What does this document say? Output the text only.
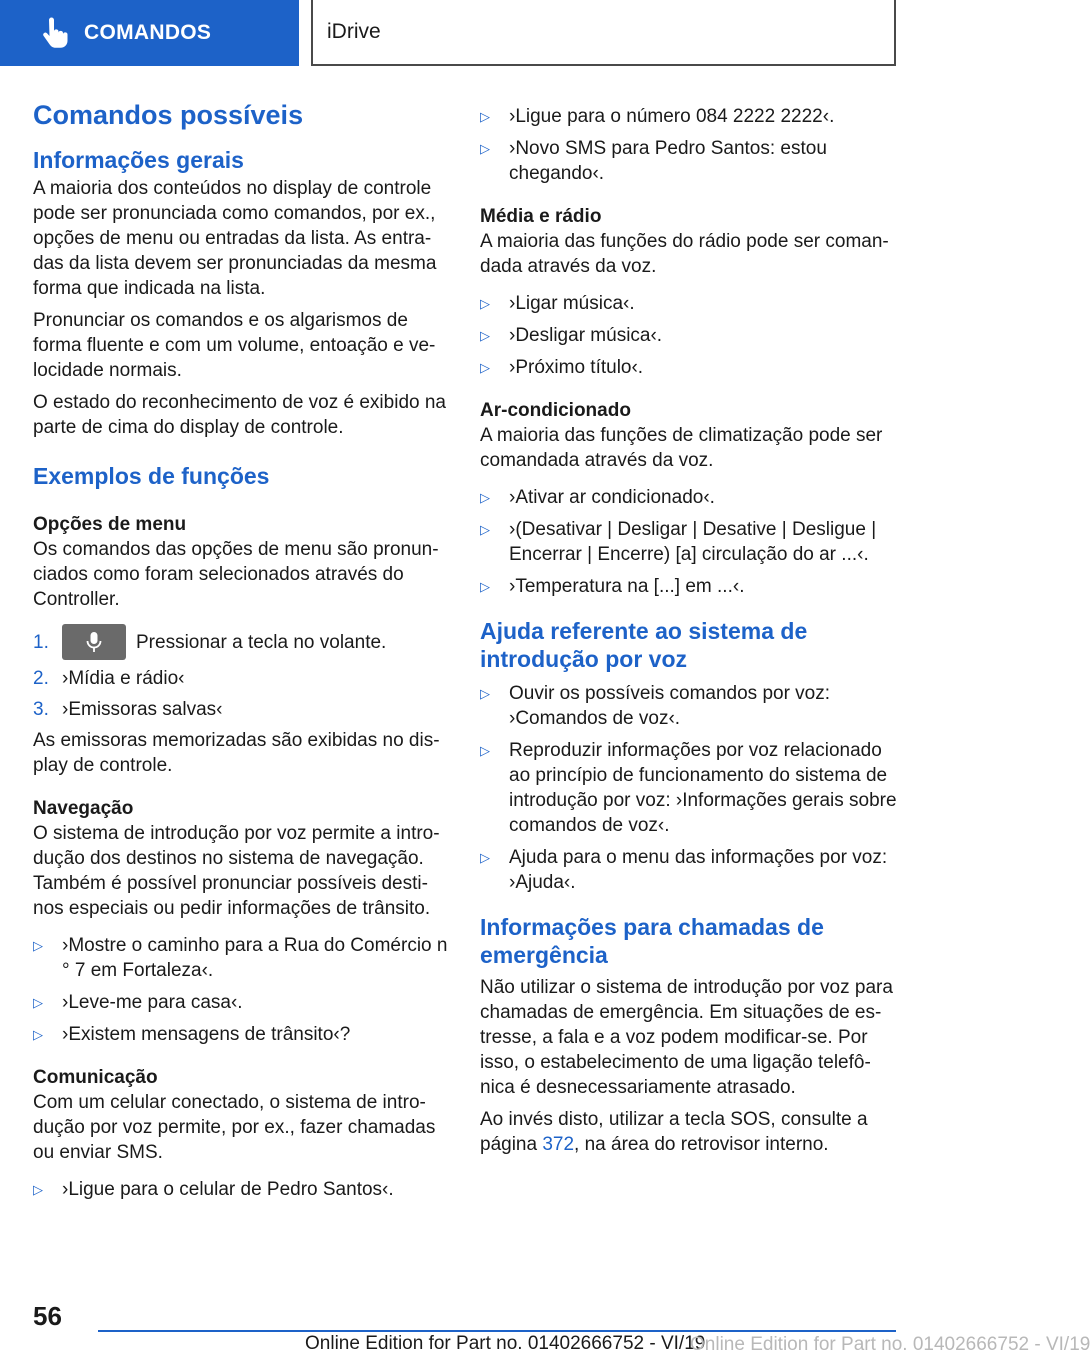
COMANDOS	iDrive
Comandos possíveis
Informações gerais

A maioria dos conteúdos no display de controle pode ser pronunciada como comandos, por ex., opções de menu ou entradas da lista. As entradas da lista devem ser pronunciadas da mesma forma que indicada na lista.

Pronunciar os comandos e os algarismos de forma fluente e com um volume, entoação e velocidade normais.

O estado do reconhecimento de voz é exibido na parte de cima do display de controle.

Exemplos de funções
Opções de menu

Os comandos das opções de menu são pronunciados como foram selecionados através do Controller.

1.	Pressionar a tecla no volante.
2. ›Mídia e rádio‹
3. ›Emissoras salvas‹

As emissoras memorizadas são exibidas no display de controle.

Navegação

O sistema de introdução por voz permite a introdução dos destinos no sistema de navegação. Também é possível pronunciar possíveis destinos especiais ou pedir informações de trânsito.

▷	›Mostre o caminho para a Rua do Comércio n ° 7 em Fortaleza‹.
▷	›Leve-me para casa‹.
▷	›Existem mensagens de trânsito‹?
Comunicação

Com um celular conectado, o sistema de introdução por voz permite, por ex., fazer chamadas ou enviar SMS.

▷	›Ligue para o celular de Pedro Santos‹.
▷	›Ligue para o número 084 2222 2222‹.
▷	›Novo SMS para Pedro Santos: estou chegando‹.
Média e rádio

A maioria das funções do rádio pode ser comandada através da voz.

▷	›Ligar música‹.
▷	›Desligar música‹.
▷	›Próximo título‹.
Ar-condicionado

A maioria das funções de climatização pode ser comandada através da voz.

▷	›Ativar ar condicionado‹.
▷	›(Desativar | Desligar | Desative | Desligue | Encerrar | Encerre) [a] circulação do ar ...‹.
▷	›Temperatura na [...] em ...‹.
Ajuda referente ao sistema de introdução por voz
▷	Ouvir os possíveis comandos por voz: ›Comandos de voz‹.
▷	Reproduzir informações por voz relacionado ao princípio de funcionamento do sistema de introdução por voz: ›Informações gerais sobre comandos de voz‹.
▷	Ajuda para o menu das informações por voz: ›Ajuda‹.
Informações para chamadas de emergência

Não utilizar o sistema de introdução por voz para chamadas de emergência. Em situações de estresse, a fala e a voz podem modificar-se. Por isso, o estabelecimento de uma ligação telefônica é desnecessariamente atrasado.

Ao invés disto, utilizar a tecla SOS, consulte a página 372, na área do retrovisor interno.

56
Online Edition for Part no. 01402666752 - VI/19
Online Edition for Part no. 01402666752 - VI/19
